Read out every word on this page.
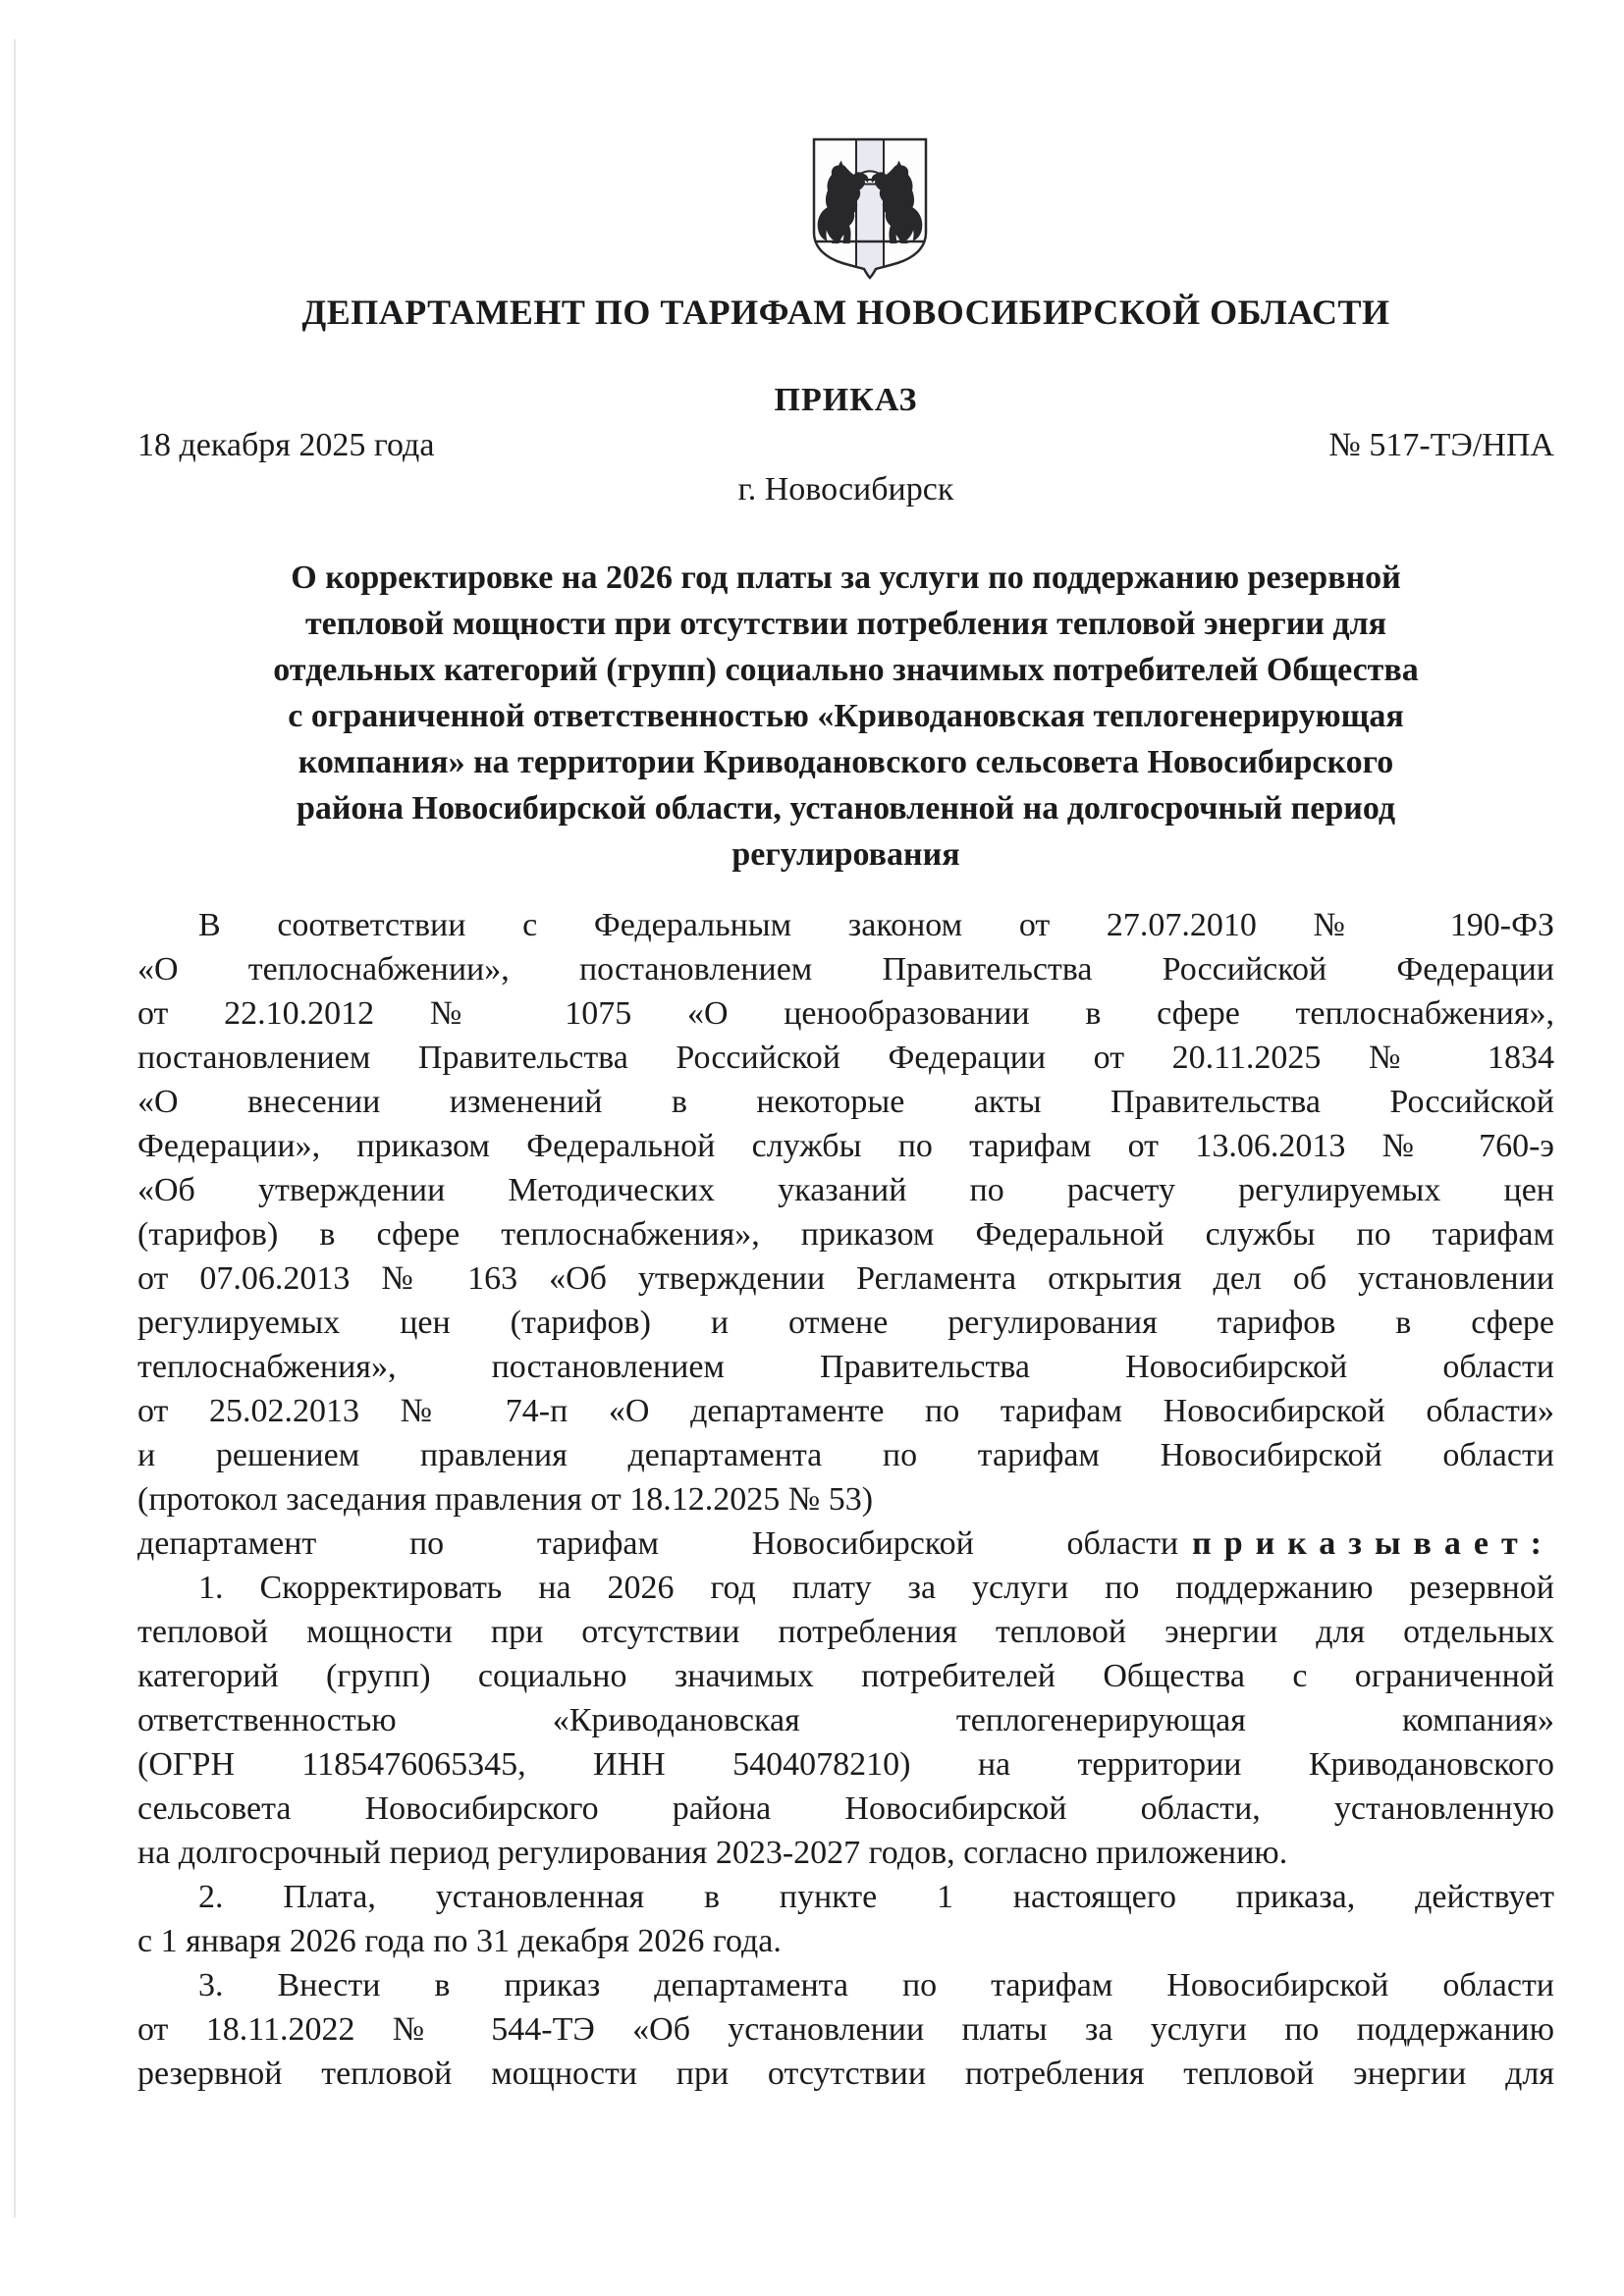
ДЕПАРТАМЕНТ ПО ТАРИФАМ НОВОСИБИРСКОЙ ОБЛАСТИ
ПРИКАЗ
18 декабря 2025 года	№ 517-ТЭ/НПА
г. Новосибирск
О корректировке на 2026 год платы за услуги по поддержанию резервной
тепловой мощности при отсутствии потребления тепловой энергии для
отдельных категорий (групп) социально значимых потребителей Общества
с ограниченной ответственностью «Криводановская теплогенерирующая
компания» на территории Криводановского сельсовета Новосибирского
района Новосибирской области, установленной на долгосрочный период
регулирования
В соответствии с Федеральным законом от 27.07.2010 № 190-ФЗ
«О теплоснабжении», постановлением Правительства Российской Федерации
от 22.10.2012 № 1075 «О ценообразовании в сфере теплоснабжения»,
постановлением Правительства Российской Федерации от 20.11.2025 № 1834
«О внесении изменений в некоторые акты Правительства Российской
Федерации», приказом Федеральной службы по тарифам от 13.06.2013 № 760-э
«Об утверждении Методических указаний по расчету регулируемых цен
(тарифов) в сфере теплоснабжения», приказом Федеральной службы по тарифам
от 07.06.2013 № 163 «Об утверждении Регламента открытия дел об установлении
регулируемых цен (тарифов) и отмене регулирования тарифов в сфере
теплоснабжения», постановлением Правительства Новосибирской области
от 25.02.2013 № 74-п «О департаменте по тарифам Новосибирской области»
и решением правления департамента по тарифам Новосибирской области
(протокол заседания правления от 18.12.2025 № 53)
департамент по тарифам Новосибирской области приказывает:
1. Скорректировать на 2026 год плату за услуги по поддержанию резервной
тепловой мощности при отсутствии потребления тепловой энергии для отдельных
категорий (групп) социально значимых потребителей Общества с ограниченной
ответственностью «Криводановская теплогенерирующая компания»
(ОГРН 1185476065345, ИНН 5404078210) на территории Криводановского
сельсовета Новосибирского района Новосибирской области, установленную
на долгосрочный период регулирования 2023-2027 годов, согласно приложению.
2. Плата, установленная в пункте 1 настоящего приказа, действует
с 1 января 2026 года по 31 декабря 2026 года.
3. Внести в приказ департамента по тарифам Новосибирской области
от 18.11.2022 № 544-ТЭ «Об установлении платы за услуги по поддержанию
резервной тепловой мощности при отсутствии потребления тепловой энергии для
